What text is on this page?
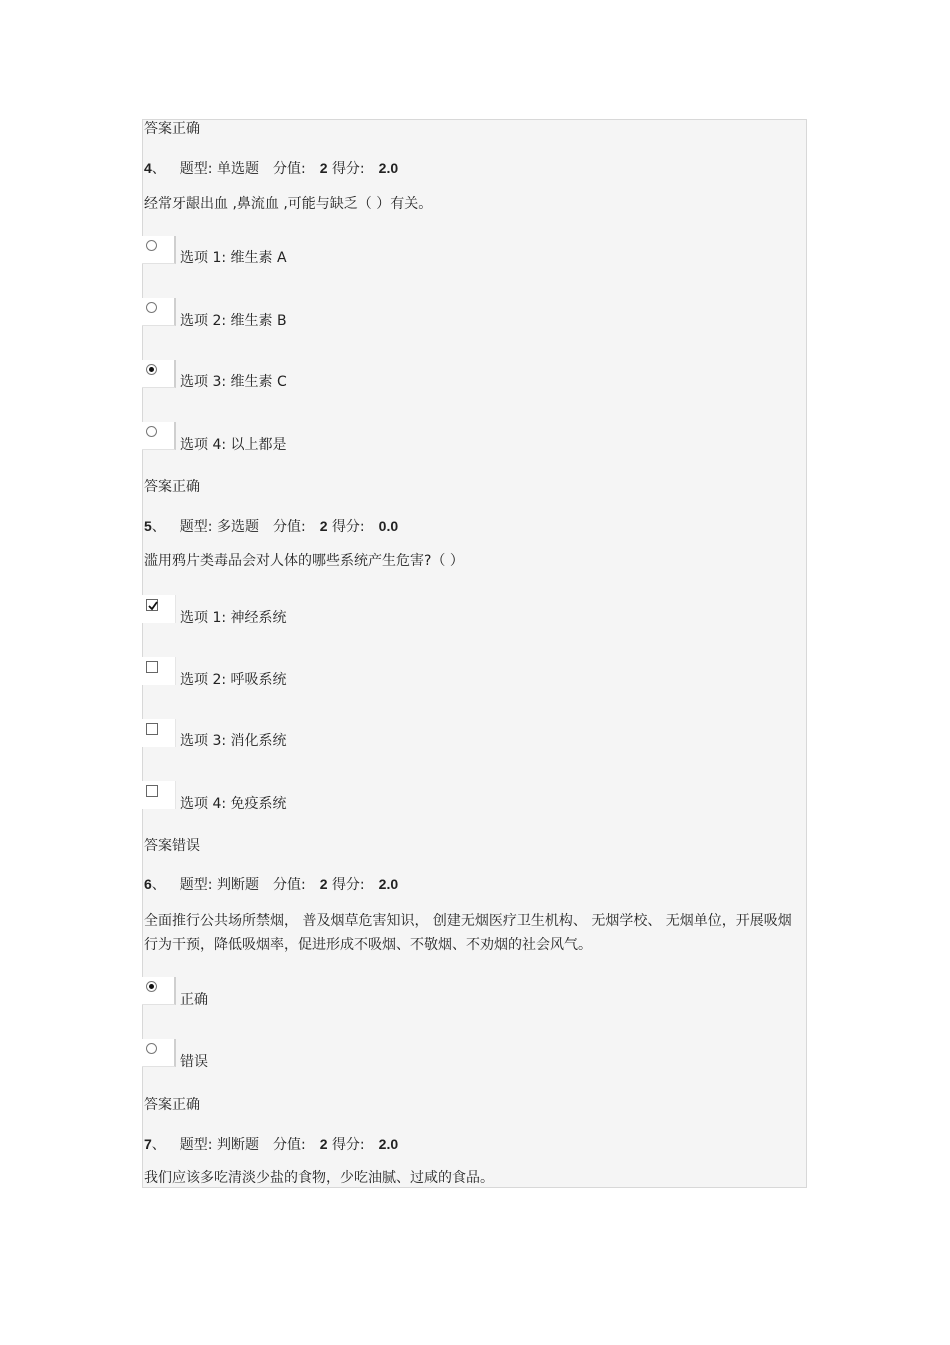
答案正确
4、 题型: 单选题 分值: 2 得分: 2.0
经常牙龈出血 ,鼻流血 ,可能与缺乏（ ）有关。
选项 1: 维生素 A
选项 2: 维生素 B
选项 3: 维生素 C
选项 4: 以上都是
答案正确
5、 题型: 多选题 分值: 2 得分: 0.0
滥用鸦片类毒品会对人体的哪些系统产生危害?（ ）
选项 1: 神经系统
选项 2: 呼吸系统
选项 3: 消化系统
选项 4: 免疫系统
答案错误
6、 题型: 判断题 分值: 2 得分: 2.0
全面推行公共场所禁烟， 普及烟草危害知识， 创建无烟医疗卫生机构、 无烟学校、 无烟单位，开展吸烟行为干预，降低吸烟率，促进形成不吸烟、不敬烟、不劝烟的社会风气。
正确
错误
答案正确
7、 题型: 判断题 分值: 2 得分: 2.0
我们应该多吃清淡少盐的食物，少吃油腻、过咸的食品。
